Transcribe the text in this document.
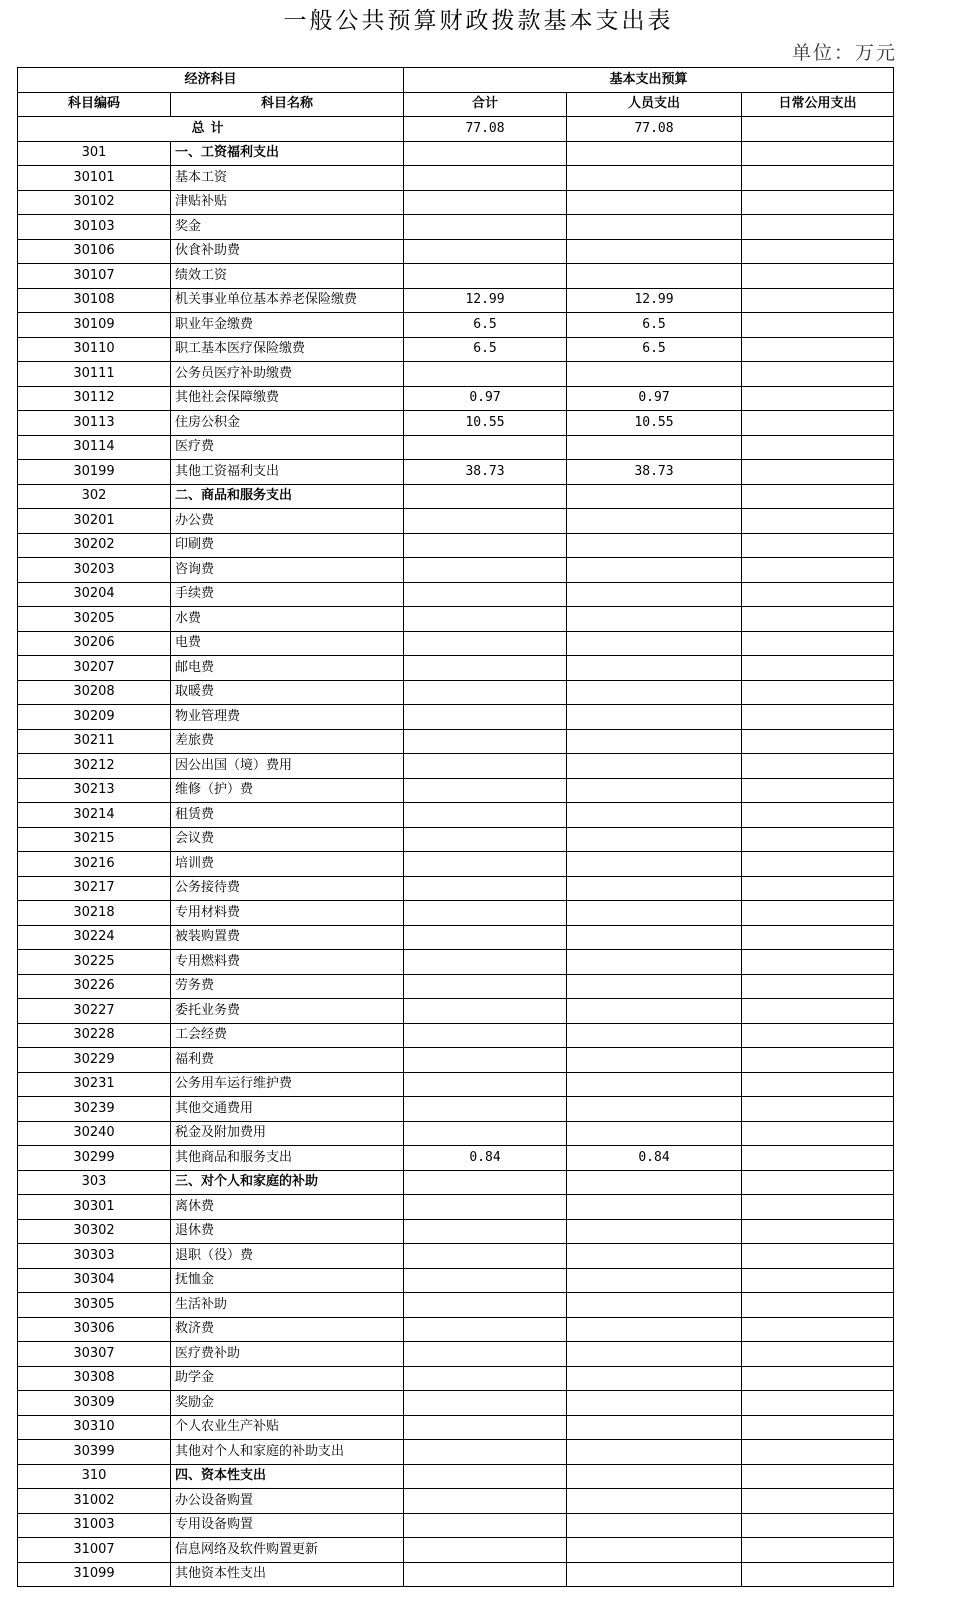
一般公共预算财政拨款基本支出表
单位：万元
经济科目		基本支出预算		
科目编码	科目名称	合计	人员支出	日常公用支出
总计		77.08	77.08	
301	一、工资福利支出			
30101	基本工资			
30102	津贴补贴			
30103	奖金			
30106	伙食补助费			
30107	绩效工资			
30108	机关事业单位基本养老保险缴费	12.99	12.99	
30109	职业年金缴费	6.5	6.5	
30110	职工基本医疗保险缴费	6.5	6.5	
30111	公务员医疗补助缴费			
30112	其他社会保障缴费	0.97	0.97	
30113	住房公积金	10.55	10.55	
30114	医疗费			
30199	其他工资福利支出	38.73	38.73	
302	二、商品和服务支出			
30201	办公费			
30202	印刷费			
30203	咨询费			
30204	手续费			
30205	水费			
30206	电费			
30207	邮电费			
30208	取暖费			
30209	物业管理费			
30211	差旅费			
30212	因公出国（境）费用			
30213	维修（护）费			
30214	租赁费			
30215	会议费			
30216	培训费			
30217	公务接待费			
30218	专用材料费			
30224	被装购置费			
30225	专用燃料费			
30226	劳务费			
30227	委托业务费			
30228	工会经费			
30229	福利费			
30231	公务用车运行维护费			
30239	其他交通费用			
30240	税金及附加费用			
30299	其他商品和服务支出	0.84	0.84	
303	三、对个人和家庭的补助			
30301	离休费			
30302	退休费			
30303	退职（役）费			
30304	抚恤金			
30305	生活补助			
30306	救济费			
30307	医疗费补助			
30308	助学金			
30309	奖励金			
30310	个人农业生产补贴			
30399	其他对个人和家庭的补助支出			
310	四、资本性支出			
31002	办公设备购置			
31003	专用设备购置			
31007	信息网络及软件购置更新			
31099	其他资本性支出			
